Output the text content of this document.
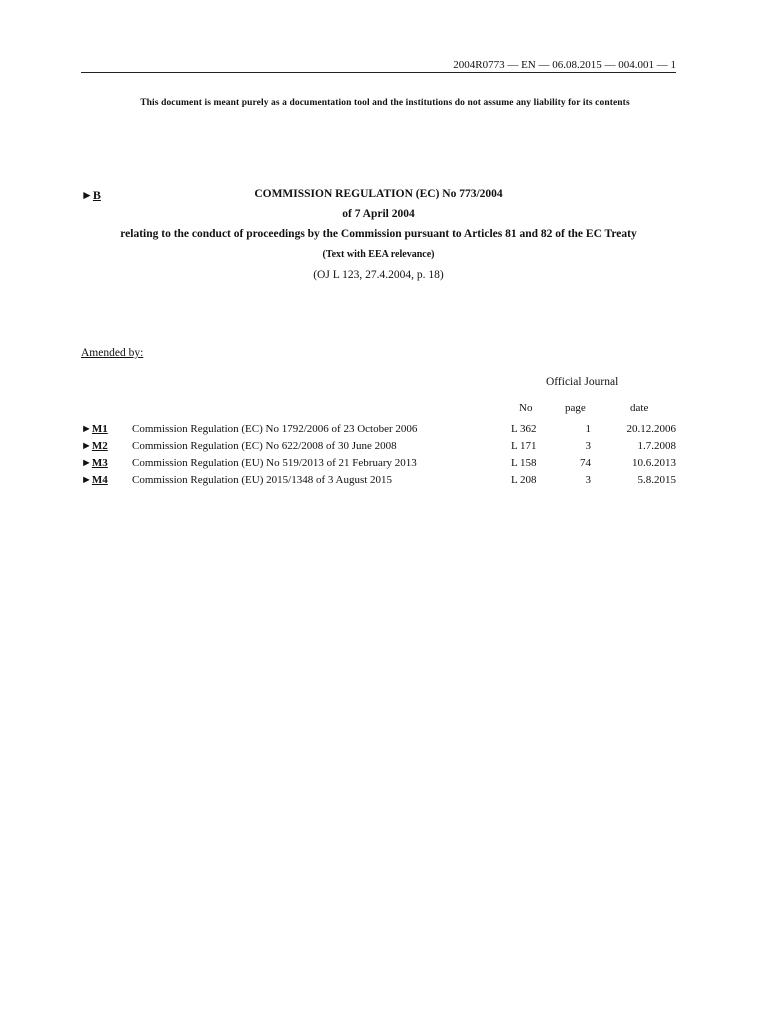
2004R0773 — EN — 06.08.2015 — 004.001 — 1
This document is meant purely as a documentation tool and the institutions do not assume any liability for its contents
►B	COMMISSION REGULATION (EC) No 773/2004
of 7 April 2004
relating to the conduct of proceedings by the Commission pursuant to Articles 81 and 82 of the EC Treaty
(Text with EEA relevance)
(OJ L 123, 27.4.2004, p. 18)
Amended by:
Official Journal
No	page	date
►M1 Commission Regulation (EC) No 1792/2006 of 23 October 2006	L 362	1	20.12.2006
►M2 Commission Regulation (EC) No 622/2008 of 30 June 2008	L 171	3	1.7.2008
►M3 Commission Regulation (EU) No 519/2013 of 21 February 2013	L 158	74	10.6.2013
►M4 Commission Regulation (EU) 2015/1348 of 3 August 2015	L 208	3	5.8.2015
